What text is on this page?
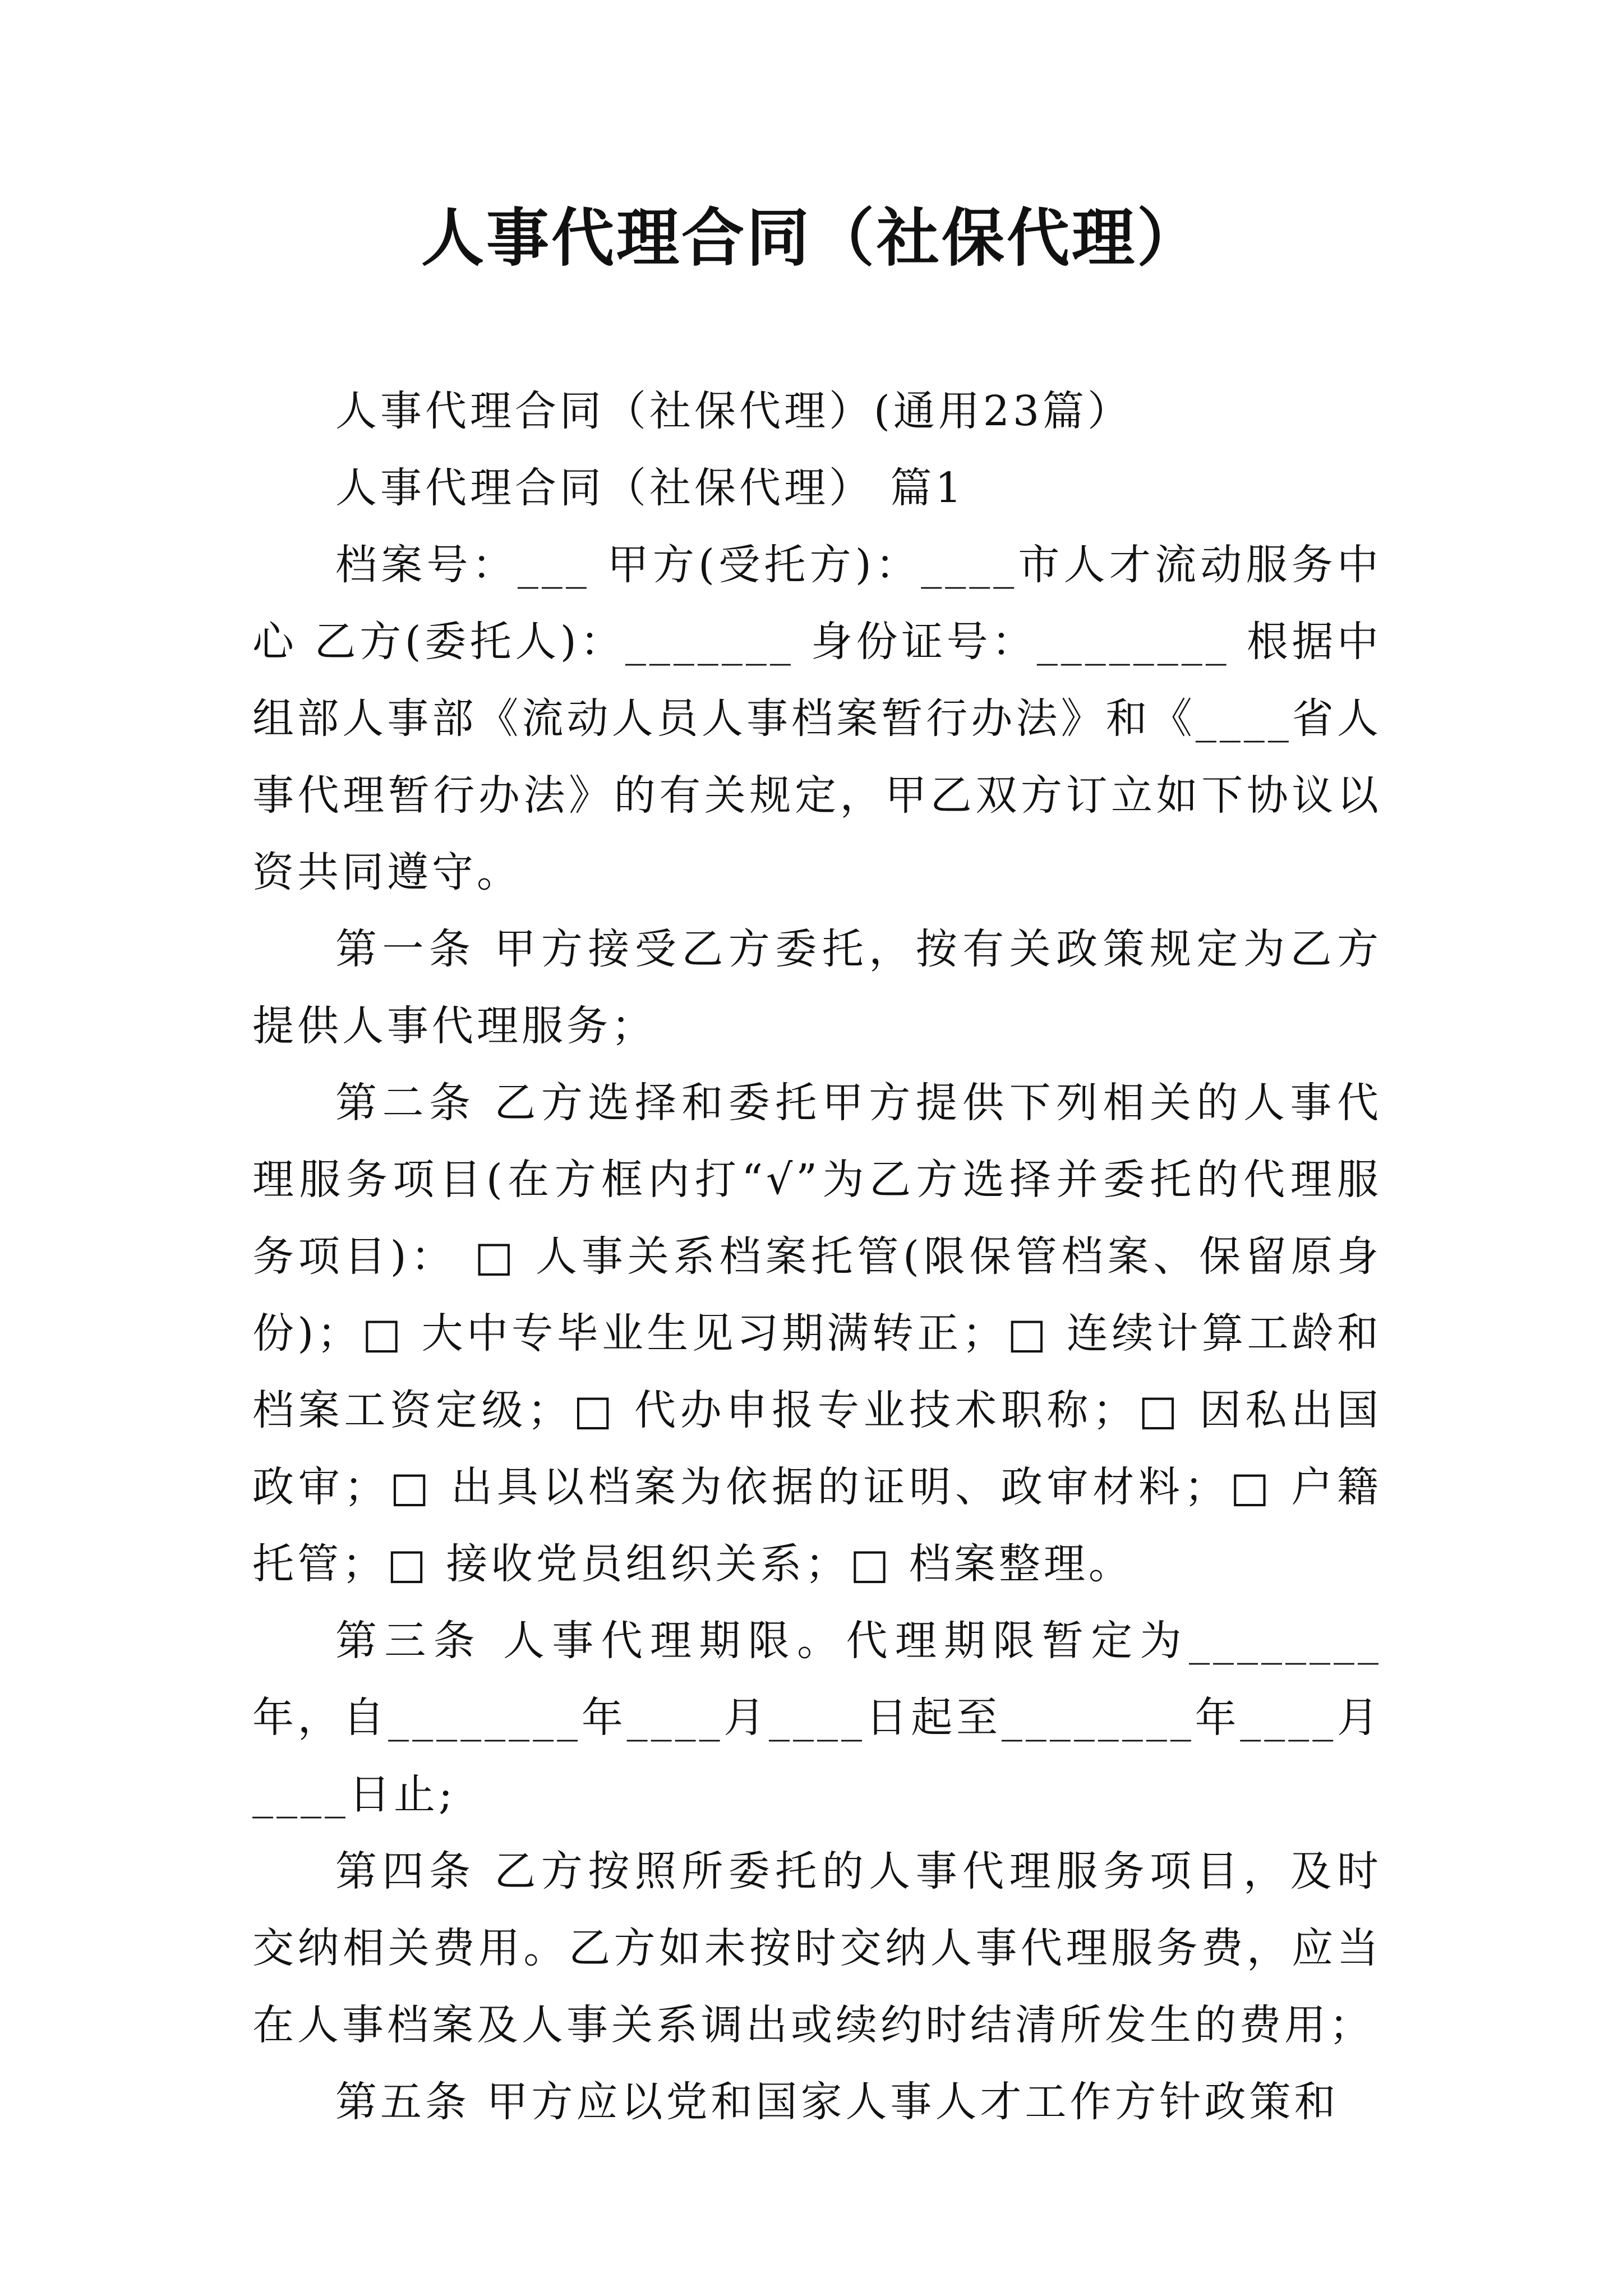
人事代理合同（社保代理）

人事代理合同（社保代理）(通用23篇）

人事代理合同（社保代理） 篇1

档案号：___ 甲方(受托方)：____市人才流动服务中心 乙方(委托人)：_______ 身份证号：________ 根据中组部人事部《流动人员人事档案暂行办法》和《____省人事代理暂行办法》的有关规定，甲乙双方订立如下协议以资共同遵守。

第一条 甲方接受乙方委托，按有关政策规定为乙方提供人事代理服务；

第二条 乙方选择和委托甲方提供下列相关的人事代理服务项目(在方框内打“√”为乙方选择并委托的代理服务项目)： □ 人事关系档案托管(限保管档案、保留原身份)；□ 大中专毕业生见习期满转正；□ 连续计算工龄和档案工资定级；□ 代办申报专业技术职称；□ 因私出国政审；□ 出具以档案为依据的证明、政审材料；□ 户籍托管；□ 接收党员组织关系；□ 档案整理。

第三条 人事代理期限。代理期限暂定为________年，自________年____月____日起至________年____月____日止;

第四条 乙方按照所委托的人事代理服务项目，及时交纳相关费用。乙方如未按时交纳人事代理服务费，应当在人事档案及人事关系调出或续约时结清所发生的费用；

第五条 甲方应以党和国家人事人才工作方针政策和
